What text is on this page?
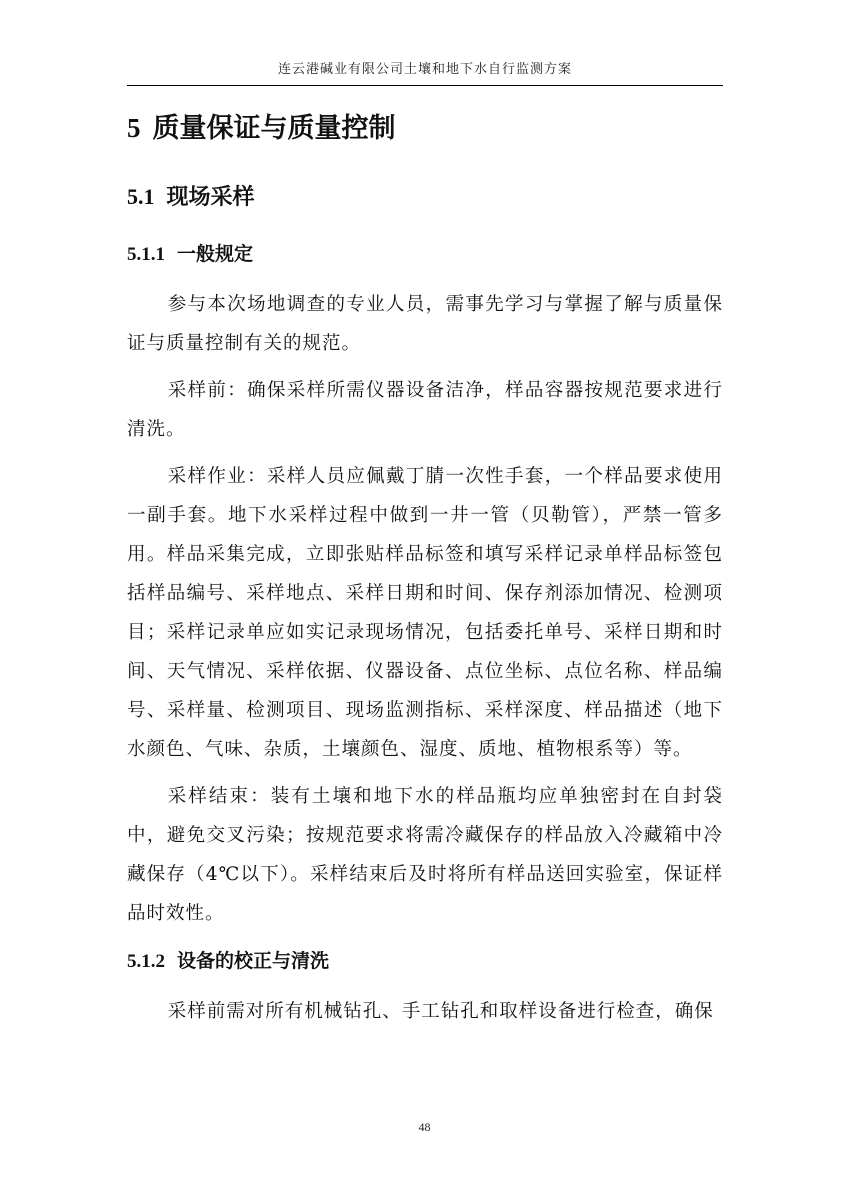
连云港碱业有限公司土壤和地下水自行监测方案
5 质量保证与质量控制
5.1 现场采样
5.1.1 一般规定

参与本次场地调查的专业人员，需事先学习与掌握了解与质量保证与质量控制有关的规范。

采样前：确保采样所需仪器设备洁净，样品容器按规范要求进行清洗。

采样作业：采样人员应佩戴丁腈一次性手套，一个样品要求使用一副手套。地下水采样过程中做到一井一管（贝勒管），严禁一管多用。样品采集完成，立即张贴样品标签和填写采样记录单样品标签包括样品编号、采样地点、采样日期和时间、保存剂添加情况、检测项目；采样记录单应如实记录现场情况，包括委托单号、采样日期和时间、天气情况、采样依据、仪器设备、点位坐标、点位名称、样品编号、采样量、检测项目、现场监测指标、采样深度、样品描述（地下水颜色、气味、杂质，土壤颜色、湿度、质地、植物根系等）等。

采样结束：装有土壤和地下水的样品瓶均应单独密封在自封袋中，避免交叉污染；按规范要求将需冷藏保存的样品放入冷藏箱中冷藏保存（4℃以下）。采样结束后及时将所有样品送回实验室，保证样品时效性。

5.1.2 设备的校正与清洗

采样前需对所有机械钻孔、手工钻孔和取样设备进行检查，确保

48
